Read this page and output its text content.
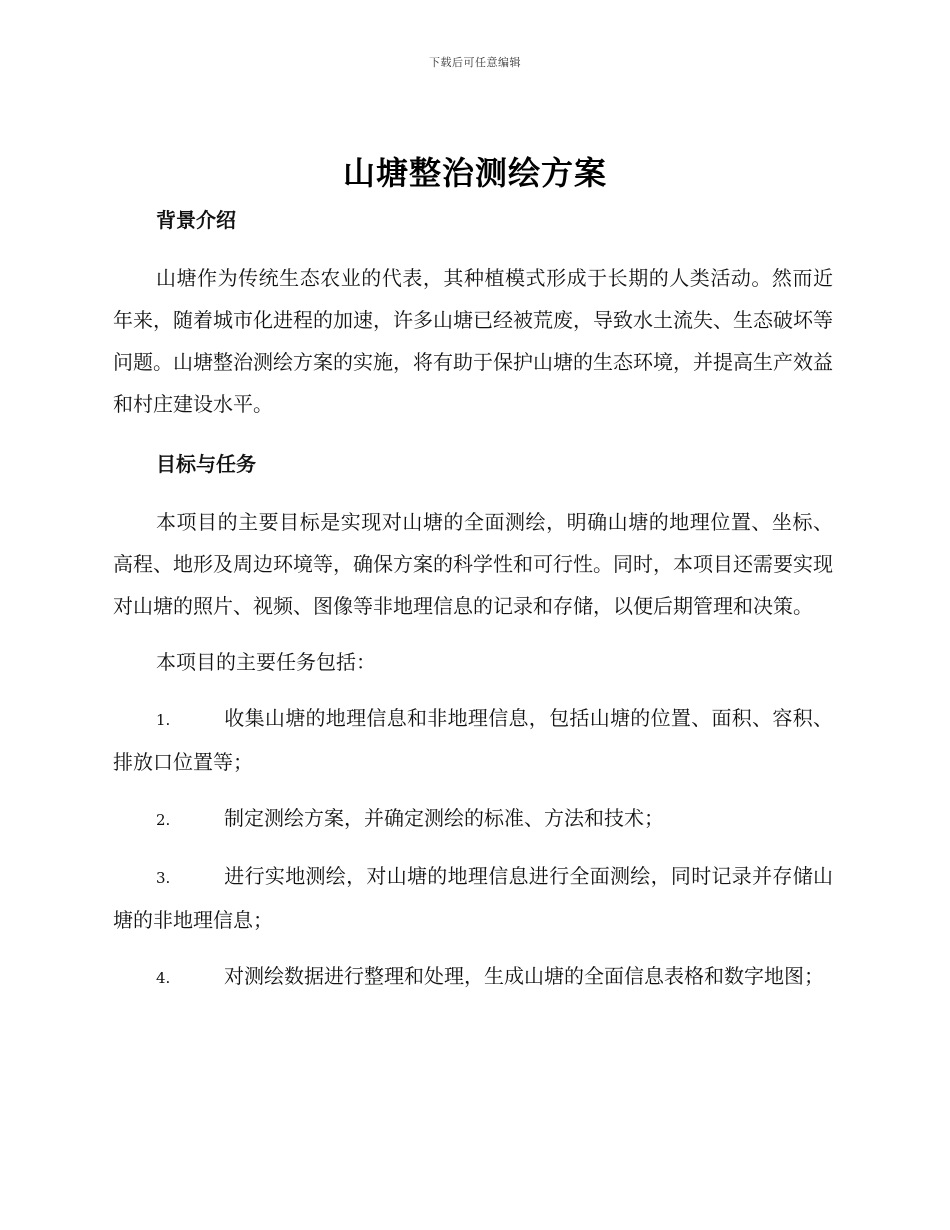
下载后可任意编辑
山塘整治测绘方案
背景介绍

山塘作为传统生态农业的代表，其种植模式形成于长期的人类活动。然而近年来，随着城市化进程的加速，许多山塘已经被荒废，导致水土流失、生态破坏等问题。山塘整治测绘方案的实施，将有助于保护山塘的生态环境，并提高生产效益和村庄建设水平。

目标与任务

本项目的主要目标是实现对山塘的全面测绘，明确山塘的地理位置、坐标、高程、地形及周边环境等，确保方案的科学性和可行性。同时，本项目还需要实现对山塘的照片、视频、图像等非地理信息的记录和存储，以便后期管理和决策。

本项目的主要任务包括：

1.	收集山塘的地理信息和非地理信息，包括山塘的位置、面积、容积、排放口位置等；
2.	制定测绘方案，并确定测绘的标准、方法和技术；
3.	进行实地测绘，对山塘的地理信息进行全面测绘，同时记录并存储山塘的非地理信息；
4.	对测绘数据进行整理和处理，生成山塘的全面信息表格和数字地图；
